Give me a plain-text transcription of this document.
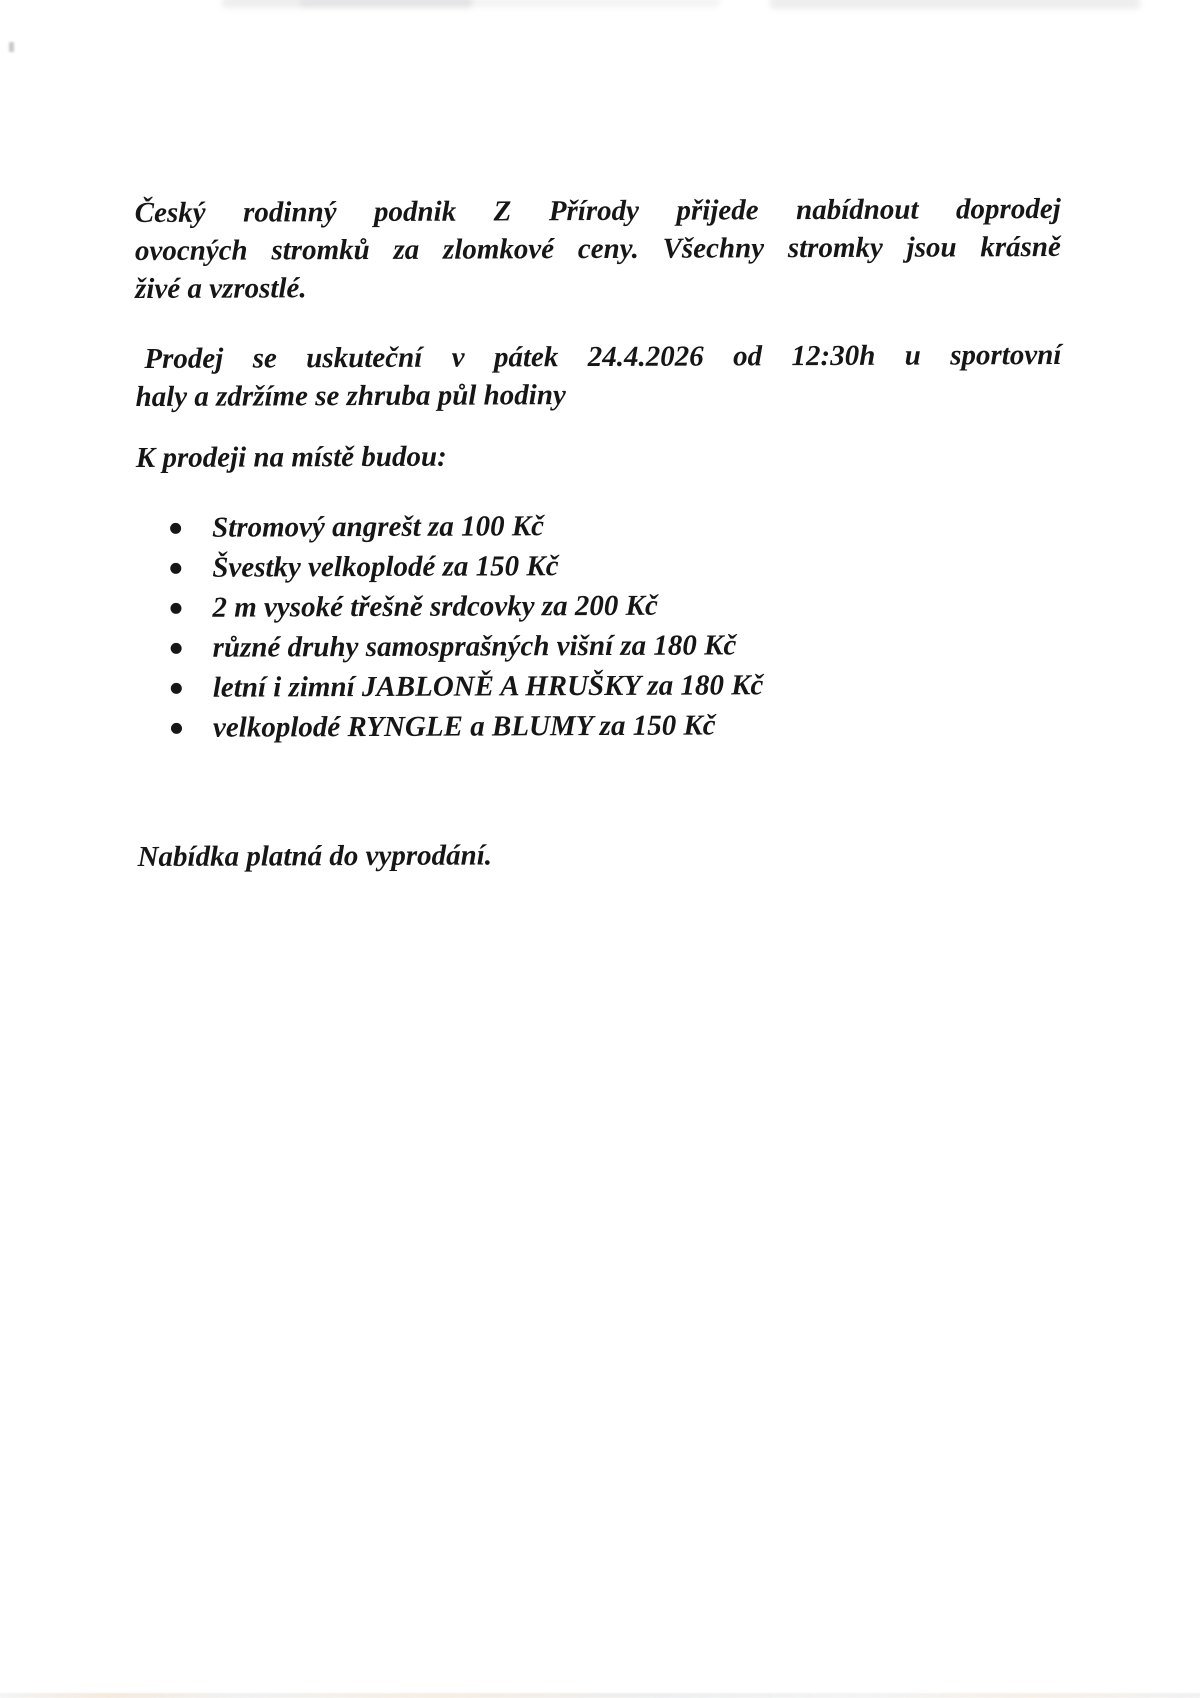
Český rodinný podnik Z Přírody přijede nabídnout doprodej
ovocných stromků za zlomkové ceny. Všechny stromky jsou krásně
živé a vzrostlé.
Prodej se uskuteční v pátek 24.4.2026 od 12:30h u sportovní
haly a zdržíme se zhruba půl hodiny
K prodeji na místě budou:
Stromový angrešt za 100 Kč
Švestky velkoplodé za 150 Kč
2 m vysoké třešně srdcovky za 200 Kč
různé druhy samosprašných višní za 180 Kč
letní i zimní JABLONĚ A HRUŠKY za 180 Kč
velkoplodé RYNGLE a BLUMY za 150 Kč
Nabídka platná do vyprodání.
